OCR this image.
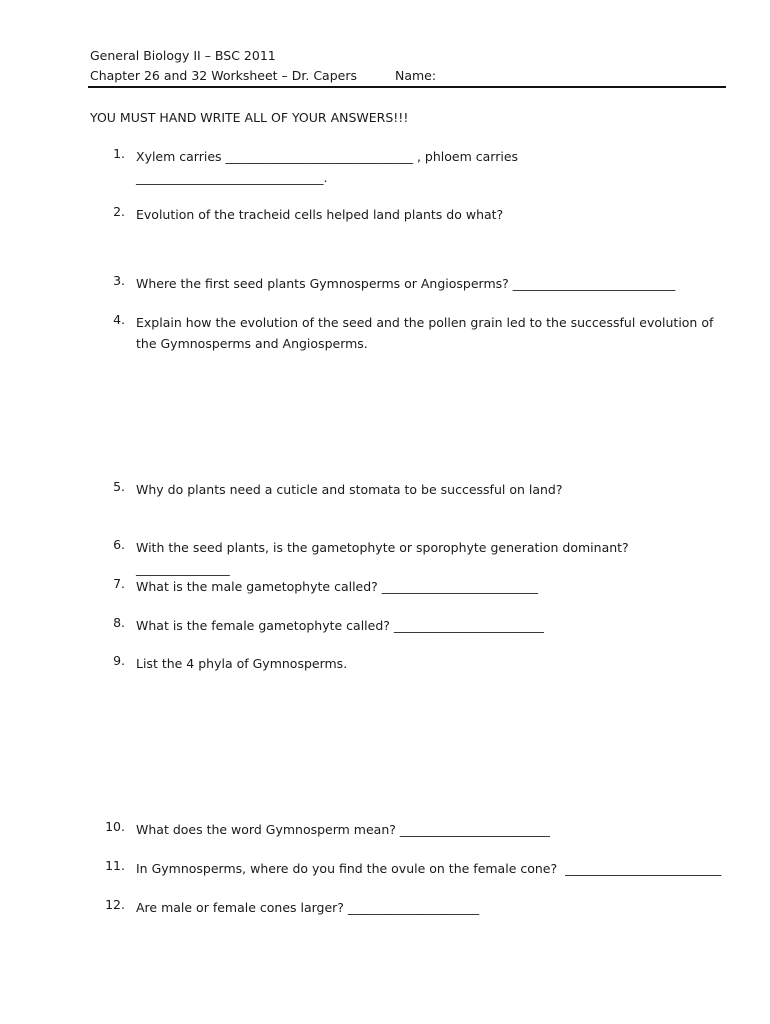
General Biology II – BSC 2011
Chapter 26 and 32 Worksheet – Dr. Capers	Name:
YOU MUST HAND WRITE ALL OF YOUR ANSWERS!!!
1. Xylem carries ______________________________ , phloem carries
______________________________.
2. Evolution of the tracheid cells helped land plants do what?
3. Where the first seed plants Gymnosperms or Angiosperms? __________________________
4. Explain how the evolution of the seed and the pollen grain led to the successful evolution of the Gymnosperms and Angiosperms.
5. Why do plants need a cuticle and stomata to be successful on land?
6. With the seed plants, is the gametophyte or sporophyte generation dominant? _______________
7. What is the male gametophyte called? _________________________
8. What is the female gametophyte called? ________________________
9. List the 4 phyla of Gymnosperms.
10. What does the word Gymnosperm mean? ________________________
11. In Gymnosperms, where do you find the ovule on the female cone?  _________________________
12. Are male or female cones larger? _____________________
